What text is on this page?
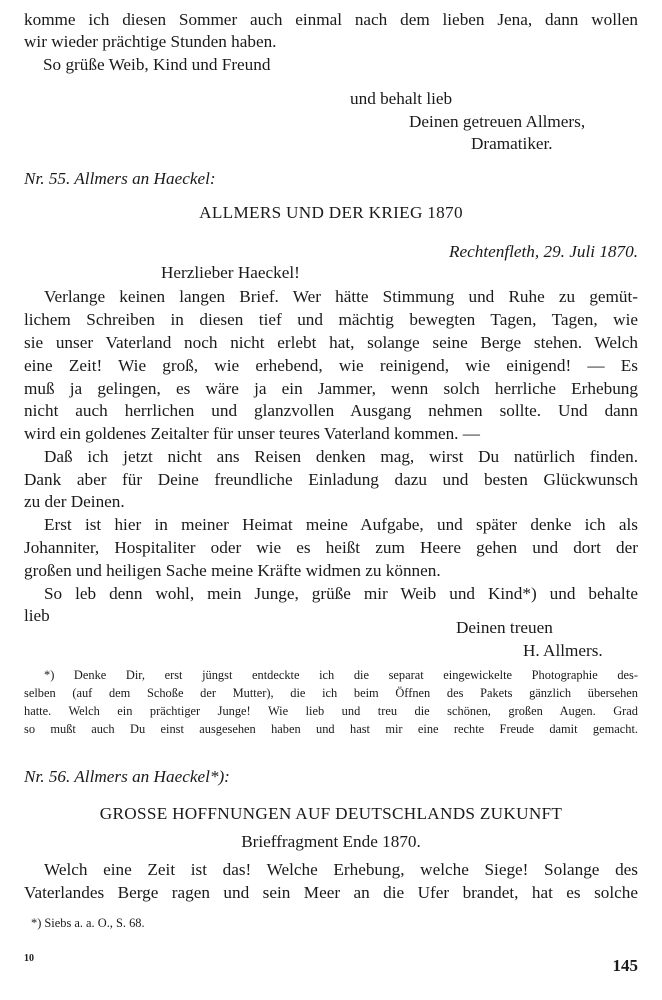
komme ich diesen Sommer auch einmal nach dem lieben Jena, dann wollen
wir wieder prächtige Stunden haben.
So grüße Weib, Kind und Freund
und behalt lieb
Deinen getreuen Allmers,
Dramatiker.
Nr. 55. Allmers an Haeckel:
ALLMERS UND DER KRIEG 1870
Rechtenfleth, 29. Juli 1870.
Herzlieber Haeckel!
Verlange keinen langen Brief. Wer hätte Stimmung und Ruhe zu gemüt-
lichem Schreiben in diesen tief und mächtig bewegten Tagen, Tagen, wie
sie unser Vaterland noch nicht erlebt hat, solange seine Berge stehen. Welch
eine Zeit! Wie groß, wie erhebend, wie reinigend, wie einigend! — Es
muß ja gelingen, es wäre ja ein Jammer, wenn solch herrliche Erhebung
nicht auch herrlichen und glanzvollen Ausgang nehmen sollte. Und dann
wird ein goldenes Zeitalter für unser teures Vaterland kommen. —
Daß ich jetzt nicht ans Reisen denken mag, wirst Du natürlich finden.
Dank aber für Deine freundliche Einladung dazu und besten Glückwunsch
zu der Deinen.
Erst ist hier in meiner Heimat meine Aufgabe, und später denke ich als
Johanniter, Hospitaliter oder wie es heißt zum Heere gehen und dort der
großen und heiligen Sache meine Kräfte widmen zu können.
So leb denn wohl, mein Junge, grüße mir Weib und Kind*) und behalte
lieb
Deinen treuen
H. Allmers.
*) Denke Dir, erst jüngst entdeckte ich die separat eingewickelte Photographie des-
selben (auf dem Schoße der Mutter), die ich beim Öffnen des Pakets gänzlich übersehen
hatte. Welch ein prächtiger Junge! Wie lieb und treu die schönen, großen Augen. Grad
so mußt auch Du einst ausgesehen haben und hast mir eine rechte Freude damit gemacht.
Nr. 56. Allmers an Haeckel*):
GROSSE HOFFNUNGEN AUF DEUTSCHLANDS ZUKUNFT
Brieffragment Ende 1870.
Welch eine Zeit ist das! Welche Erhebung, welche Siege! Solange des
Vaterlandes Berge ragen und sein Meer an die Ufer brandet, hat es solche
*) Siebs a. a. O., S. 68.
10	145
